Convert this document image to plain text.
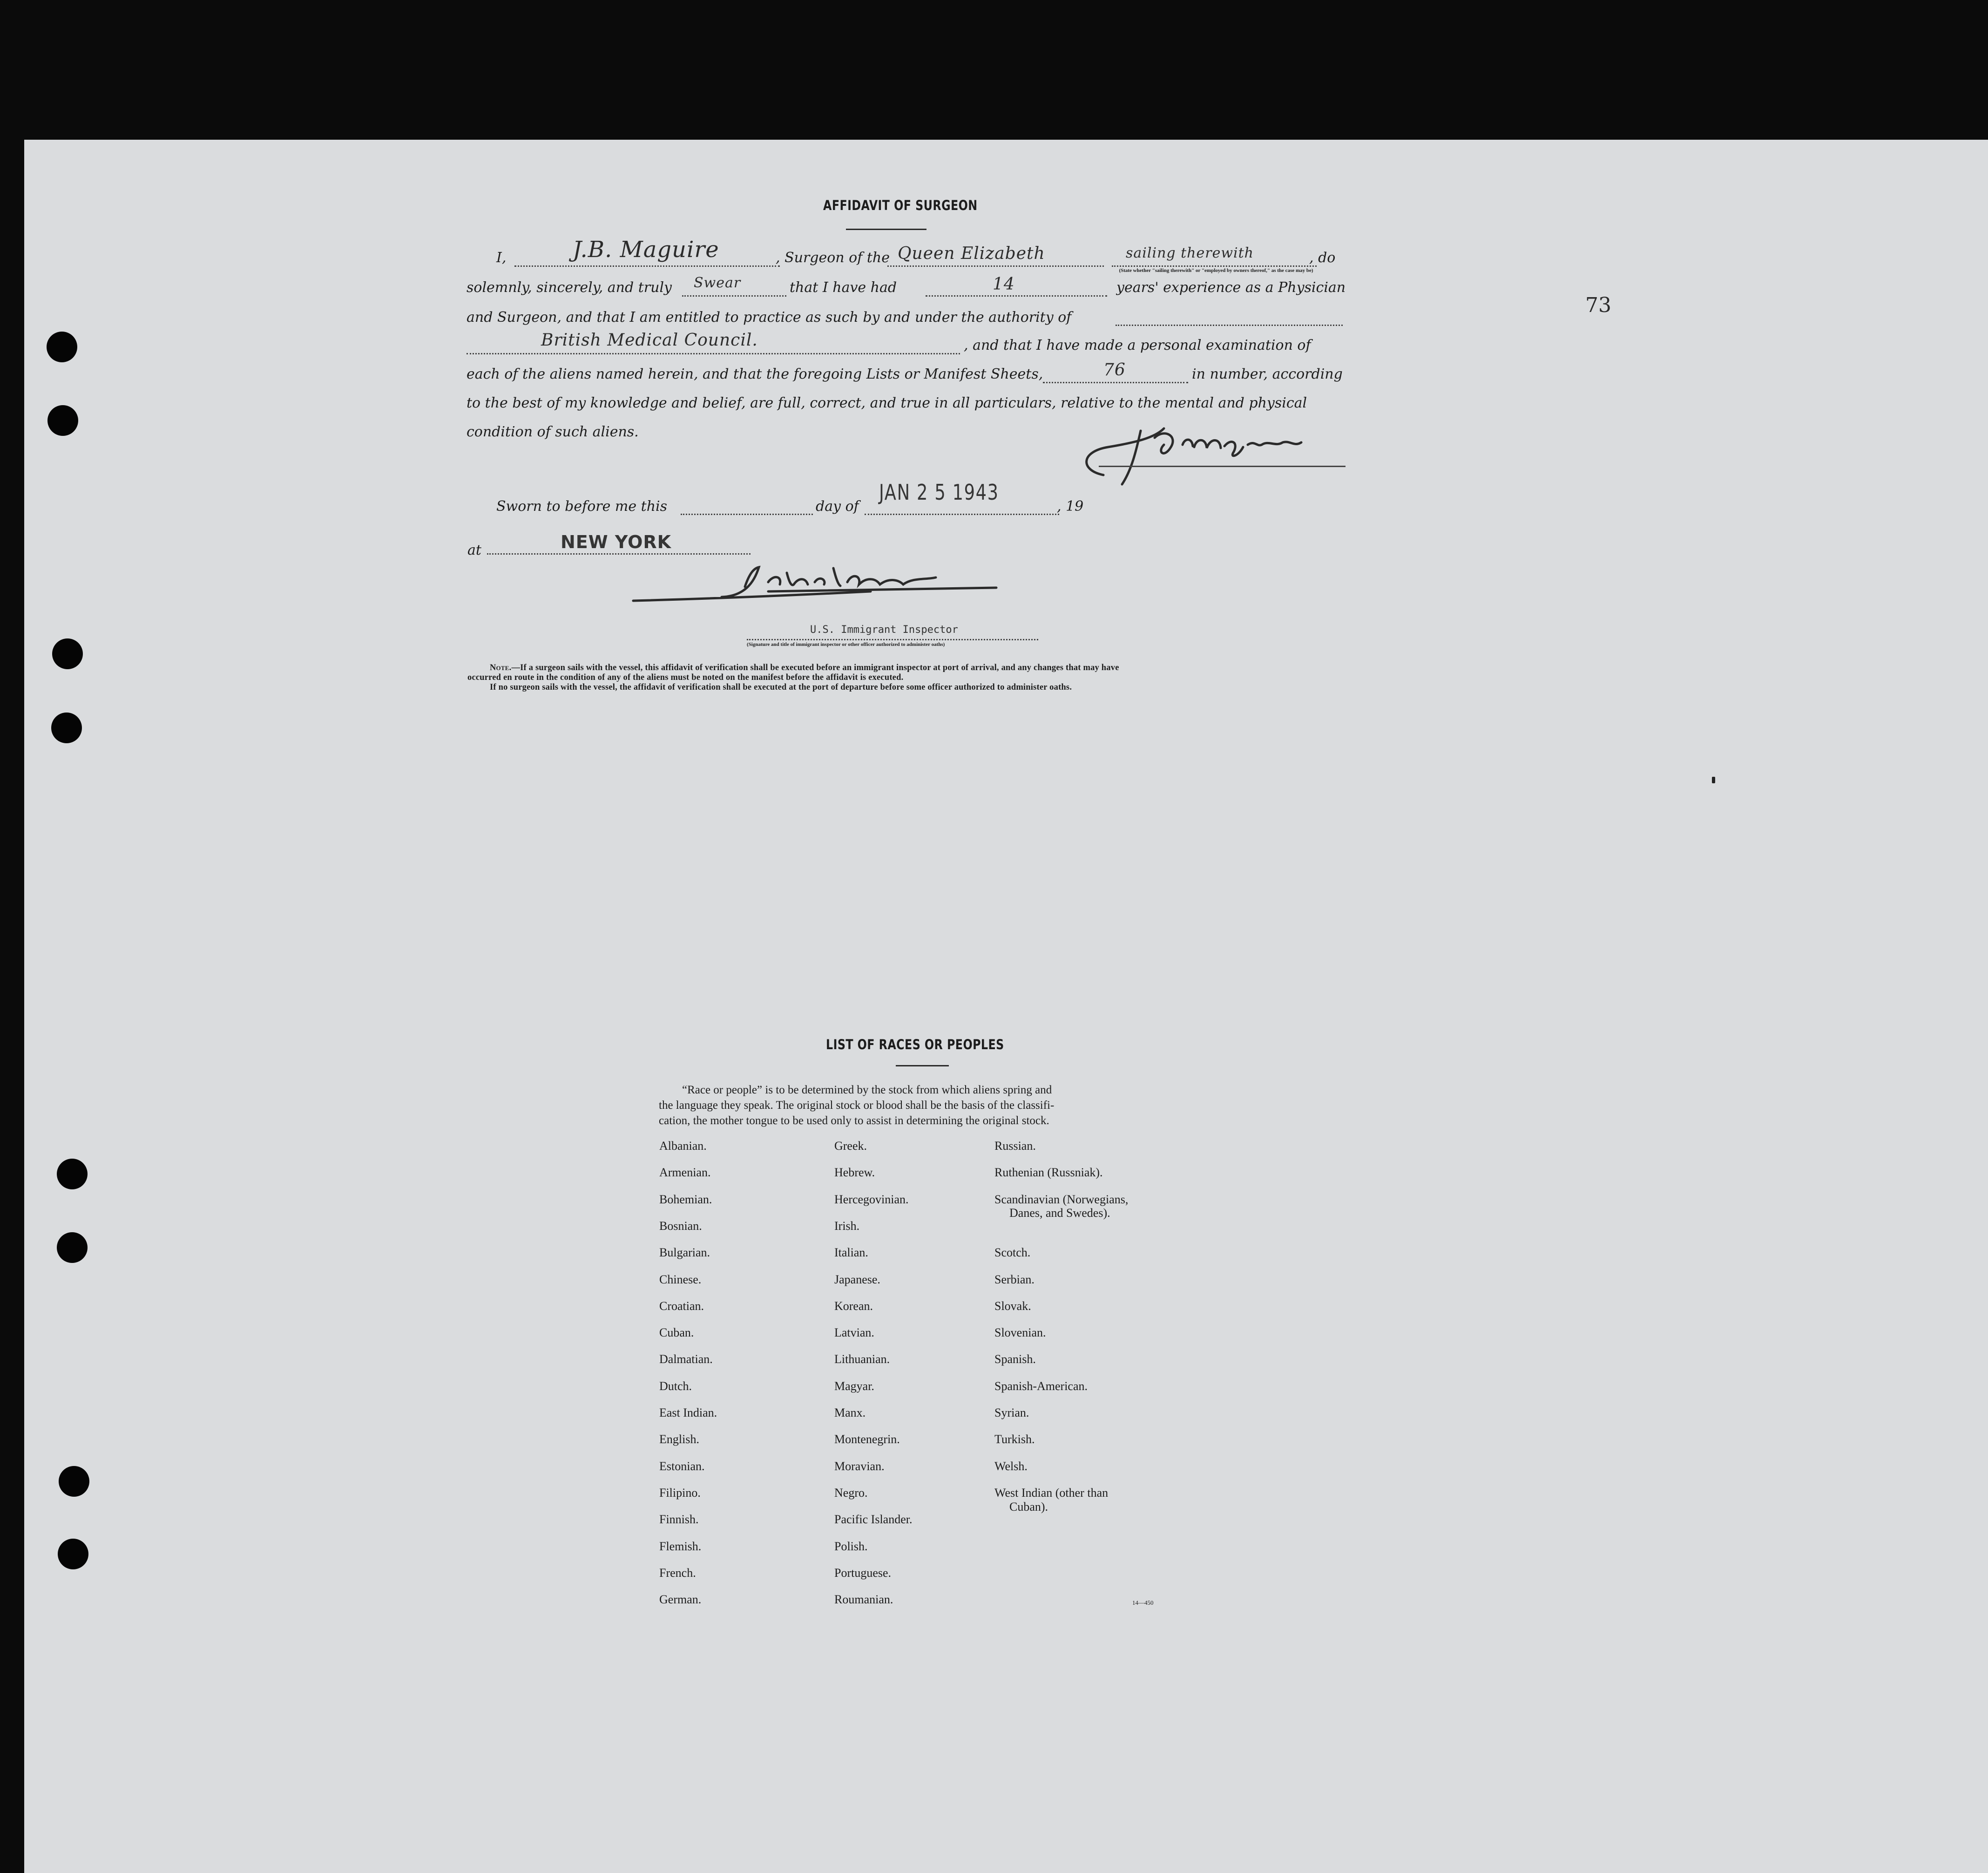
73
AFFIDAVIT OF SURGEON
I,	J.B. Maguire	, Surgeon of the Queen Elizabeth	sailing therewith	, do
(State whether "sailing therewith" or "employed by owners thereof," as the case may be)
solemnly, sincerely, and truly Swear	that I have had	14	years' experience as a Physician
and Surgeon, and that I am entitled to practice as such by and under the authority of
British Medical Council.	, and that I have made a personal examination of
each of the aliens named herein, and that the foregoing Lists or Manifest Sheets,	76	in number, according
to the best of my knowledge and belief, are full, correct, and true in all particulars, relative to the mental and physical
condition of such aliens.
Sworn to before me this	day of
JAN 2 5 1943
, 19
at	NEW YORK
U.S. Immigrant Inspector
(Signature and title of immigrant inspector or other officer authorized to administer oaths)
Note.—If a surgeon sails with the vessel, this affidavit of verification shall be executed before an immigrant inspector at port of arrival, and any changes that may have
occurred en route in the condition of any of the aliens must be noted on the manifest before the affidavit is executed.
If no surgeon sails with the vessel, the affidavit of verification shall be executed at the port of departure before some officer authorized to administer oaths.
LIST OF RACES OR PEOPLES
“Race or people” is to be determined by the stock from which aliens spring and
the language they speak. The original stock or blood shall be the basis of the classifi-
cation, the mother tongue to be used only to assist in determining the original stock.
Albanian.
Armenian.
Bohemian.
Bosnian.
Bulgarian.
Chinese.
Croatian.
Cuban.
Dalmatian.
Dutch.
East Indian.
English.
Estonian.
Filipino.
Finnish.
Flemish.
French.
German.
Greek.
Hebrew.
Hercegovinian.
Irish.
Italian.
Japanese.
Korean.
Latvian.
Lithuanian.
Magyar.
Manx.
Montenegrin.
Moravian.
Negro.
Pacific Islander.
Polish.
Portuguese.
Roumanian.
Russian.
Ruthenian (Russniak).
Scandinavian (Norwegians,
Danes, and Swedes).
Scotch.
Serbian.
Slovak.
Slovenian.
Spanish.
Spanish-American.
Syrian.
Turkish.
Welsh.
West Indian (other than
Cuban).
14—450
